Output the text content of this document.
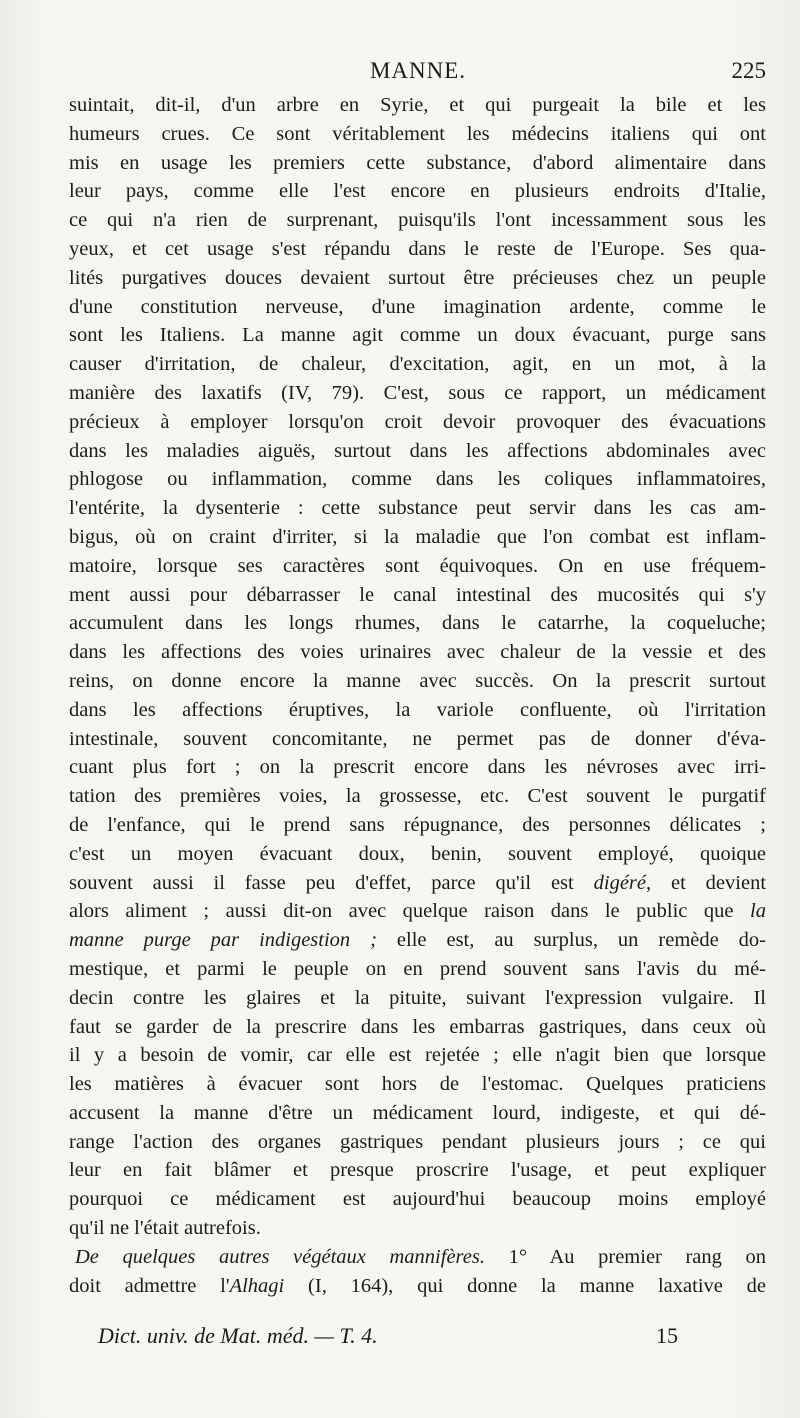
MANNE.	225
suintait, dit-il, d'un arbre en Syrie, et qui purgeait la bile et les
humeurs crues. Ce sont véritablement les médecins italiens qui ont
mis en usage les premiers cette substance, d'abord alimentaire dans
leur pays, comme elle l'est encore en plusieurs endroits d'Italie,
ce qui n'a rien de surprenant, puisqu'ils l'ont incessamment sous les
yeux, et cet usage s'est répandu dans le reste de l'Europe. Ses qua-
lités purgatives douces devaient surtout être précieuses chez un peuple
d'une constitution nerveuse, d'une imagination ardente, comme le
sont les Italiens. La manne agit comme un doux évacuant, purge sans
causer d'irritation, de chaleur, d'excitation, agit, en un mot, à la
manière des laxatifs (IV, 79). C'est, sous ce rapport, un médicament
précieux à employer lorsqu'on croit devoir provoquer des évacuations
dans les maladies aiguës, surtout dans les affections abdominales avec
phlogose ou inflammation, comme dans les coliques inflammatoires,
l'entérite, la dysenterie : cette substance peut servir dans les cas am-
bigus, où on craint d'irriter, si la maladie que l'on combat est inflam-
matoire, lorsque ses caractères sont équivoques. On en use fréquem-
ment aussi pour débarrasser le canal intestinal des mucosités qui s'y
accumulent dans les longs rhumes, dans le catarrhe, la coqueluche;
dans les affections des voies urinaires avec chaleur de la vessie et des
reins, on donne encore la manne avec succès. On la prescrit surtout
dans les affections éruptives, la variole confluente, où l'irritation
intestinale, souvent concomitante, ne permet pas de donner d'éva-
cuant plus fort ; on la prescrit encore dans les névroses avec irri-
tation des premières voies, la grossesse, etc. C'est souvent le purgatif
de l'enfance, qui le prend sans répugnance, des personnes délicates ;
c'est un moyen évacuant doux, benin, souvent employé, quoique
souvent aussi il fasse peu d'effet, parce qu'il est digéré, et devient
alors aliment ; aussi dit-on avec quelque raison dans le public que la
manne purge par indigestion ; elle est, au surplus, un remède do-
mestique, et parmi le peuple on en prend souvent sans l'avis du mé-
decin contre les glaires et la pituite, suivant l'expression vulgaire. Il
faut se garder de la prescrire dans les embarras gastriques, dans ceux où
il y a besoin de vomir, car elle est rejetée ; elle n'agit bien que lorsque
les matières à évacuer sont hors de l'estomac. Quelques praticiens
accusent la manne d'être un médicament lourd, indigeste, et qui dé-
range l'action des organes gastriques pendant plusieurs jours ; ce qui
leur en fait blâmer et presque proscrire l'usage, et peut expliquer
pourquoi ce médicament est aujourd'hui beaucoup moins employé
qu'il ne l'était autrefois.
De quelques autres végétaux mannifères. 1° Au premier rang on
doit admettre l'Alhagi (I, 164), qui donne la manne laxative de
Dict. univ. de Mat. méd. — T. 4.	15
